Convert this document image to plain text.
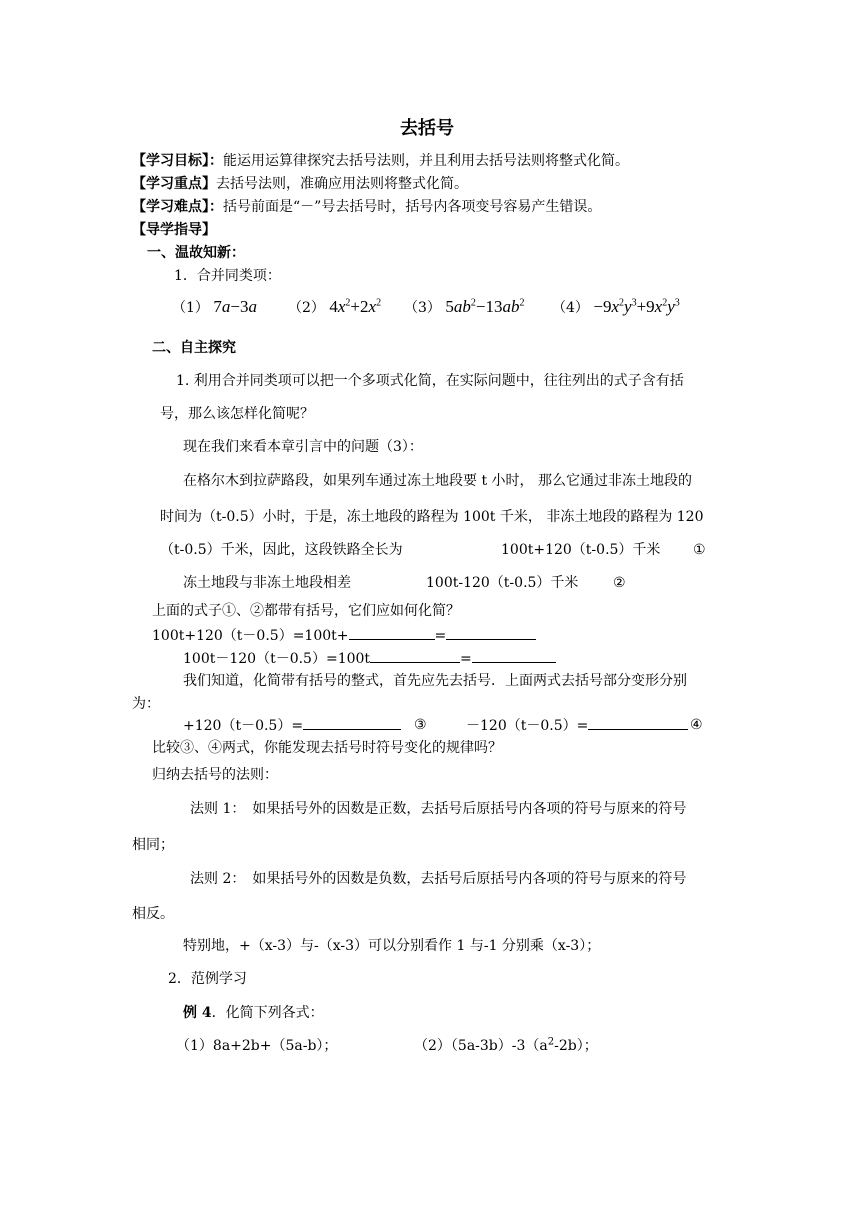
去括号
【学习目标】：能运用运算律探究去括号法则，并且利用去括号法则将整式化简。
【学习重点】去括号法则，准确应用法则将整式化简。
【学习难点】：括号前面是“－”号去括号时，括号内各项变号容易产生错误。
【导学指导】
一、温故知新：
1．合并同类项：
（1） 7a−3a （2） $4x^2+2x^2$ （3） $5ab^2-13ab^2$ $(4) -9x^2y^3+9x^2y^3$
二、自主探究
1. 利用合并同类项可以把一个多项式化简，在实际问题中，往往列出的式子含有括
号，那么该怎样化简呢？
现在我们来看本章引言中的问题（3）：
在格尔木到拉萨路段，如果列车通过冻土地段要 t 小时， 那么它通过非冻土地段的
时间为（t-0.5）小时，于是，冻土地段的路程为 100t 千米， 非冻土地段的路程为 120
（t-0.5）千米，因此，这段铁路全长为	100t+120（t-0.5）千米 ①
冻土地段与非冻土地段相差	100t-120（t-0.5）千米 ②
上面的式子①、②都带有括号，它们应如何化简？
100t+120（t－0.5）=100t+	=
100t－120（t－0.5）=100t	=
我们知道，化简带有括号的整式，首先应先去括号．上面两式去括号部分变形分别
为：
+120（t－0.5）=	③	－120（t－0.5）=	④
比较③、④两式，你能发现去括号时符号变化的规律吗？
归纳去括号的法则：
法则 1：　如果括号外的因数是正数，去括号后原括号内各项的符号与原来的符号
相同；
法则 2：　如果括号外的因数是负数，去括号后原括号内各项的符号与原来的符号
相反。
特别地，+（x-3）与-（x-3）可以分别看作 1 与-1 分别乘（x-3）；
2．范例学习
例 4．化简下列各式：
（1）8a+2b+（5a-b）；	$(2)(5a-3b)-3(a^2-2b)$；
